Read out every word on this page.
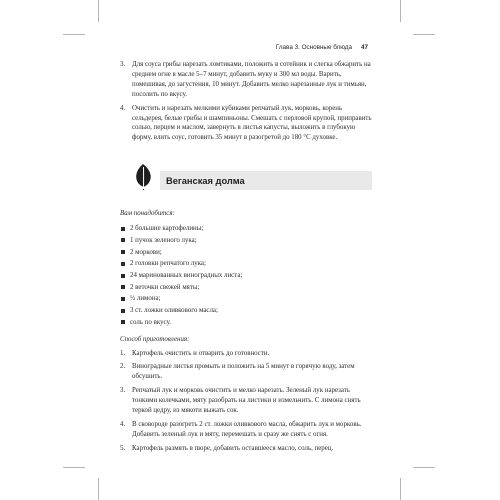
Глава 3. Основные блюда 47
3. Для соуса грибы нарезать ломтиками, положить в сотейник и слегка обжарить на среднем огне в масле 5–7 минут, добавить муку и 300 мл воды. Варить, помешивая, до загустения, 10 минут. Добавить мелко нарезанные лук и тимьян, посолить по вкусу.
4. Очистить и нарезать мелкими кубиками репчатый лук, морковь, корень сельдерея, белые грибы и шампиньоны. Смешать с перловой крупой, приправить солью, перцем и маслом, завернуть в листья капусты, выложить в глубокую форму, влить соус, готовить 35 минут в разогретой до 180 °С духовке.
Веганская долма
Вам понадобится:
2 большие картофелины;
1 пучок зеленого лука;
2 моркови;
2 головки репчатого лука;
24 маринованных виноградных листа;
2 веточки свежей мяты;
½ лимона;
3 ст. ложки оливкового масла;
соль по вкусу.
Способ приготовления:
1. Картофель очистить и отварить до готовности.
2. Виноградные листья промыть и положить на 5 минут в горячую воду, затем обсушить.
3. Репчатый лук и морковь очистить и мелко нарезать. Зеленый лук нарезать тонкими колечками, мяту разобрать на листики и измельчить. С лимона снять теркой цедру, из мякоти выжать сок.
4. В сковороде разогреть 2 ст. ложки оливкового масла, обжарить лук и морковь. Добавить зеленый лук и мяту, перемешать и сразу же снять с огня.
5. Картофель размять в пюре, добавить оставшееся масло, соль, перец.
